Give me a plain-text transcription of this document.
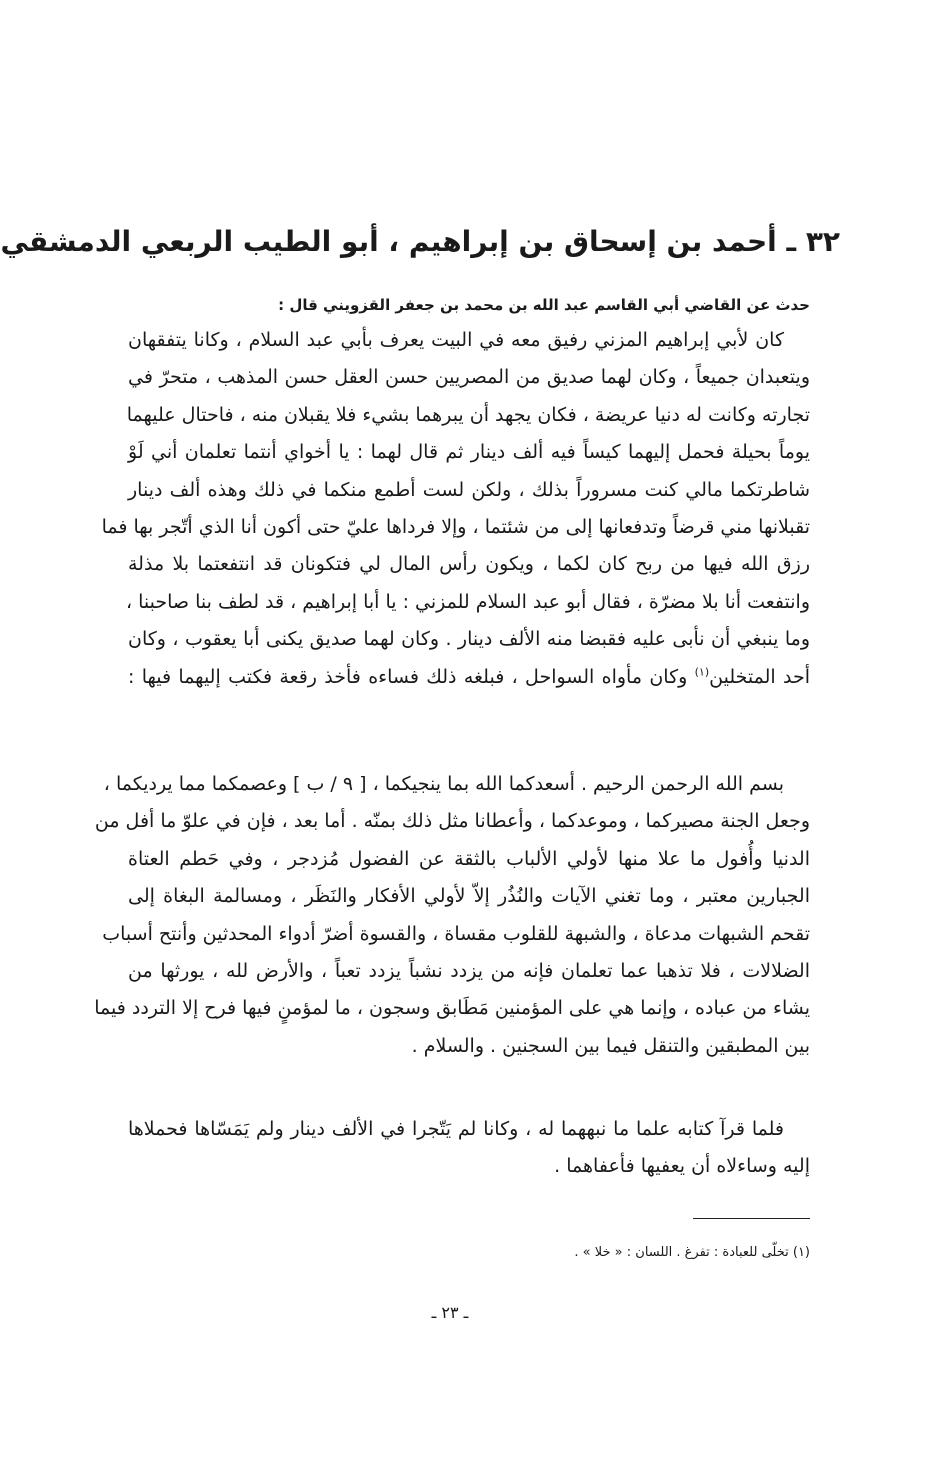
٣٢ ـ أحمد بن إسحاق بن إبراهيم ، أبو الطيب الربعي الدمشقي
حدث عن القاضي أبي القاسم عبد الله بن محمد بن جعفر القزويني قال :
كان لأبي إبراهيم المزني رفيق معه في البيت يعرف بأبي عبد السلام ، وكانا يتفقهان
ويتعبدان جميعاً ، وكان لهما صديق من المصريين حسن العقل حسن المذهب ، متحرّ في
تجارته وكانت له دنيا عريضة ، فكان يجهد أن يبرهما بشيء فلا يقبلان منه ، فاحتال عليهما
يوماً بحيلة فحمل إليهما كيساً فيه ألف دينار ثم قال لهما : يا أخواي أنتما تعلمان أني لَوْ
شاطرتكما مالي كنت مسروراً بذلك ، ولكن لست أطمع منكما في ذلك وهذه ألف دينار
تقبلانها مني قرضاً وتدفعانها إلى من شئتما ، وإلا فرداها عليّ حتى أكون أنا الذي أتّجر بها فما
رزق الله فيها من ربح كان لكما ، ويكون رأس المال لي فتكونان قد انتفعتما بلا مذلة
وانتفعت أنا بلا مضرّة ، فقال أبو عبد السلام للمزني : يا أبا إبراهيم ، قد لطف بنا صاحبنا ،
وما ينبغي أن نأبى عليه فقبضا منه الألف دينار . وكان لهما صديق يكنى أبا يعقوب ، وكان
أحد المتخلين$^{(١)}$ وكان مأواه السواحل ، فبلغه ذلك فساءه فأخذ رقعة فكتب إليهما فيها :
بسم الله الرحمن الرحيم . أسعدكما الله بما ينجيكما ، [ ٩ / ب ] وعصمكما مما يرديكما ،
وجعل الجنة مصيركما ، وموعدكما ، وأعطانا مثل ذلك بمنّه . أما بعد ، فإن في علوّ ما أفل من
الدنيا وأُفول ما علا منها لأولي الألباب بالثقة عن الفضول مُزدجر ، وفي حَطم العتاة
الجبارين معتبر ، وما تغني الآيات والنُذُر إلاّ لأولي الأفكار والنَظَر ، ومسالمة البغاة إلى
تقحم الشبهات مدعاة ، والشبهة للقلوب مقساة ، والقسوة أضرّ أدواء المحدثين وأنتح أسباب
الضلالات ، فلا تذهبا عما تعلمان فإنه من يزدد نشباً يزدد تعباً ، والأرض لله ، يورثها من
يشاء من عباده ، وإنما هي على المؤمنين مَطَابق وسجون ، ما لمؤمنٍ فيها فرح إلا التردد فيما
بين المطبقين والتنقل فيما بين السجنين . والسلام .
فلما قرآ كتابه علما ما نبههما له ، وكانا لم يَتّجرا في الألف دينار ولم يَمَسّاها فحملاها
إليه وساءلاه أن يعفيها فأعفاهما .
(١) تخلّى للعبادة : تفرغ . اللسان : « خلا » .
ـ ٢٣ ـ
